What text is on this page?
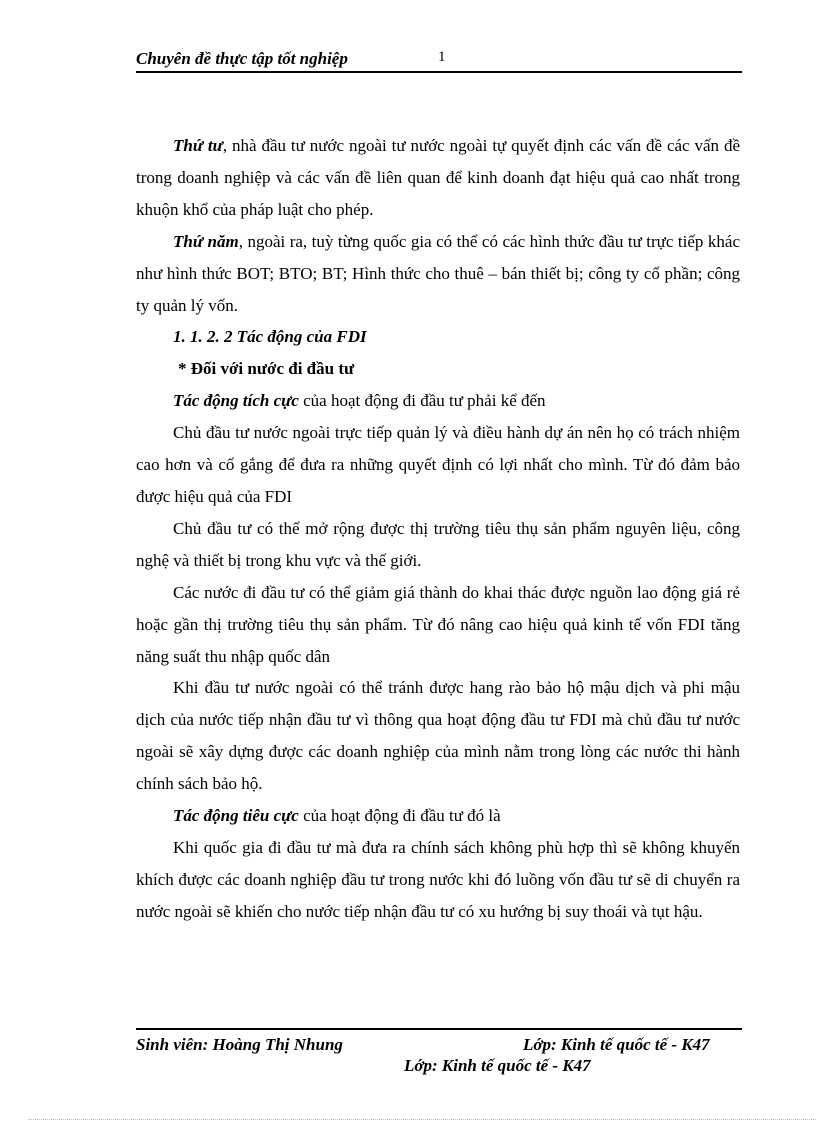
Chuyên đề thực tập tốt nghiệp	1

Thứ tư, nhà đầu tư nước ngoài tư nước ngoài tự quyết định các vấn đề các vấn đề trong doanh nghiệp và các vấn đề liên quan để kinh doanh đạt hiệu quả cao nhất trong khuộn khổ của pháp luật cho phép.

Thứ năm, ngoài ra, tuỳ từng quốc gia có thể có các hình thức đầu tư trực tiếp khác như hình thức BOT; BTO; BT; Hình thức cho thuê – bán thiết bị; công ty cổ phần; công ty quản lý vốn.

1. 1. 2. 2 Tác động của FDI

* Đối với nước đi đầu tư

Tác động tích cực của hoạt động đi đầu tư phải kể đến

Chủ đầu tư nước ngoài trực tiếp quản lý và điều hành dự án nên họ có trách nhiệm cao hơn và cố gắng để đưa ra những quyết định có lợi nhất cho mình. Từ đó đảm bảo được hiệu quả của FDI

Chủ đầu tư có thể mở rộng được thị trường tiêu thụ sản phẩm nguyên liệu, công nghệ và thiết bị trong khu vực và thế giới.

Các nước đi đầu tư có thể giảm giá thành do khai thác được nguồn lao động giá rẻ hoặc gần thị trường tiêu thụ sản phẩm. Từ đó nâng cao hiệu quả kinh tế vốn FDI tăng năng suất thu nhập quốc dân

Khi đầu tư nước ngoài có thể tránh được hang rào bảo hộ mậu dịch và phi mậu dịch của nước tiếp nhận đầu tư vì thông qua hoạt động đầu tư FDI mà chủ đầu tư nước ngoài sẽ xây dựng được các doanh nghiệp của mình nằm trong lòng các nước thi hành chính sách bảo hộ.

Tác động tiêu cực của hoạt động đi đầu tư đó là

Khi quốc gia đi đầu tư mà đưa ra chính sách không phù hợp thì sẽ không khuyến khích được các doanh nghiệp đầu tư trong nước khi đó luồng vốn đầu tư sẽ di chuyển ra nước ngoài sẽ khiến cho nước tiếp nhận đầu tư có xu hướng bị suy thoái và tụt hậu.

Sinh viên: Hoàng Thị Nhung	Lớp: Kinh tế quốc tế - K47
Lớp: Kinh tế quốc tế - K47
